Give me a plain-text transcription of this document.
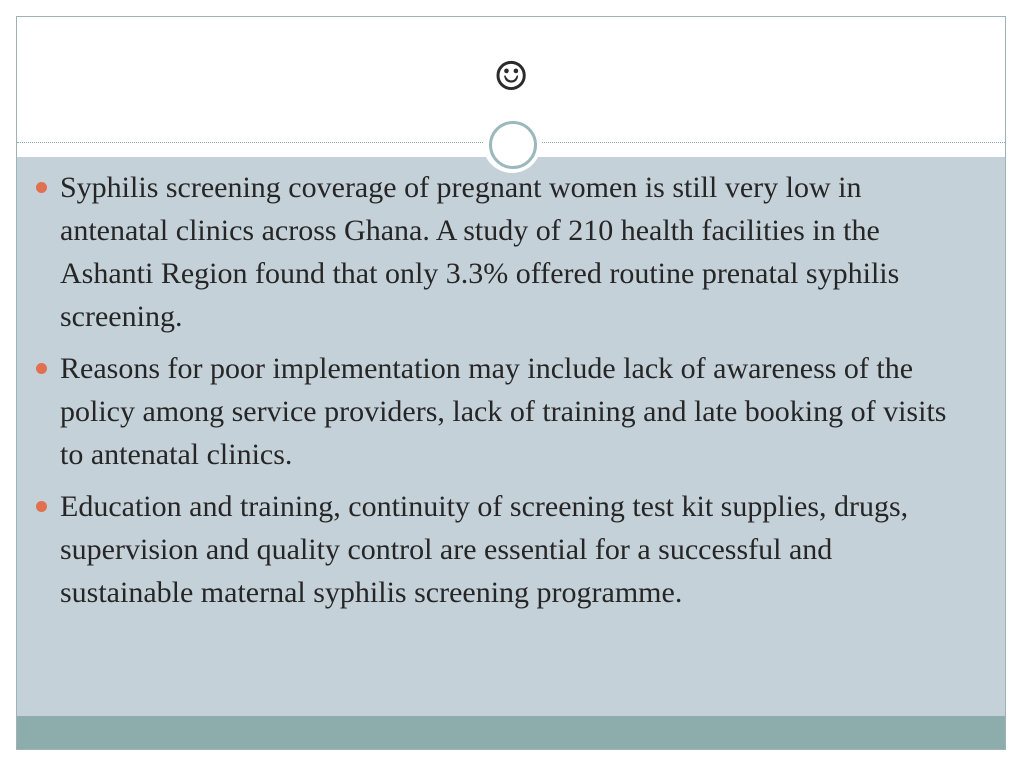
☺
Syphilis screening coverage of pregnant women is still very low in antenatal clinics across Ghana. A study of 210 health facilities in the Ashanti Region found that only 3.3% offered routine prenatal syphilis screening.
Reasons for poor implementation may include lack of awareness of the policy among service providers, lack of training and late booking of visits to antenatal clinics.
Education and training, continuity of screening test kit supplies, drugs, supervision and quality control are essential for a successful and sustainable maternal syphilis screening programme.
